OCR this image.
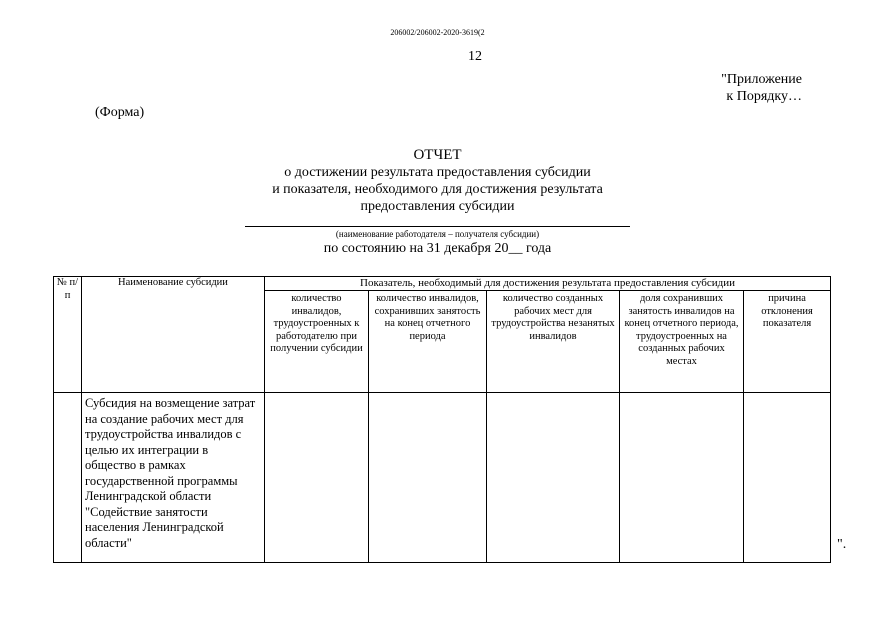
206002/206002-2020-3619(2
12
"Приложение
к Порядку…
(Форма)
ОТЧЕТ
о достижении результата предоставления субсидии
и показателя, необходимого для достижения результата
предоставления субсидии
(наименование работодателя – получателя субсидии)
по состоянию на 31 декабря 20__ года
№ п/п	Наименование субсидии	Показатель, необходимый для достижения результата предоставления субсидии				
		количество инвалидов, трудоустроенных к работодателю при получении субсидии	количество инвалидов, сохранивших занятость на конец отчетного периода	количество созданных рабочих мест для трудоустройства незанятых инвалидов	доля сохранивших занятость инвалидов на конец отчетного периода, трудоустроенных на созданных рабочих местах	причина отклонения показателя
	Субсидия на возмещение затрат на создание рабочих мест для трудоустройства инвалидов с целью их интеграции в общество в рамках государственной программы Ленинградской области "Содействие занятости населения Ленинградской области"						".
